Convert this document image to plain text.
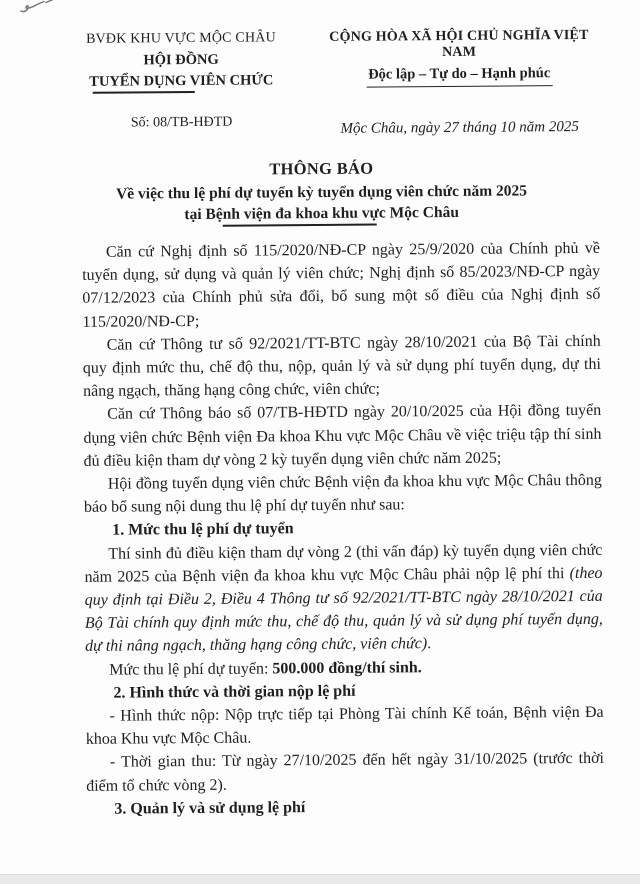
BVĐK KHU VỰC MỘC CHÂU
HỘI ĐỒNG
TUYỂN DỤNG VIÊN CHỨC
Số: 08/TB-HĐTD
CỘNG HÒA XÃ HỘI CHỦ NGHĨA VIỆT NAM
Độc lập – Tự do – Hạnh phúc
Mộc Châu, ngày 27 tháng 10 năm 2025
THÔNG BÁO
Về việc thu lệ phí dự tuyển kỳ tuyển dụng viên chức năm 2025
tại Bệnh viện đa khoa khu vực Mộc Châu

Căn cứ Nghị định số 115/2020/NĐ-CP ngày 25/9/2020 của Chính phủ về tuyển dụng, sử dụng và quản lý viên chức; Nghị định số 85/2023/NĐ-CP ngày 07/12/2023 của Chính phủ sửa đổi, bổ sung một số điều của Nghị định số 115/2020/NĐ-CP;

Căn cứ Thông tư số 92/2021/TT-BTC ngày 28/10/2021 của Bộ Tài chính quy định mức thu, chế độ thu, nộp, quản lý và sử dụng phí tuyển dụng, dự thi nâng ngạch, thăng hạng công chức, viên chức;

Căn cứ Thông báo số 07/TB-HĐTD ngày 20/10/2025 của Hội đồng tuyển dụng viên chức Bệnh viện Đa khoa Khu vực Mộc Châu về việc triệu tập thí sinh đủ điều kiện tham dự vòng 2 kỳ tuyển dụng viên chức năm 2025;

Hội đồng tuyển dụng viên chức Bệnh viện đa khoa khu vực Mộc Châu thông báo bổ sung nội dung thu lệ phí dự tuyển như sau:

1. Mức thu lệ phí dự tuyển

Thí sinh đủ điều kiện tham dự vòng 2 (thi vấn đáp) kỳ tuyển dụng viên chức năm 2025 của Bệnh viện đa khoa khu vực Mộc Châu phải nộp lệ phí thi (theo quy định tại Điều 2, Điều 4 Thông tư số 92/2021/TT-BTC ngày 28/10/2021 của Bộ Tài chính quy định mức thu, chế độ thu, quản lý và sử dụng phí tuyển dụng, dự thi nâng ngạch, thăng hạng công chức, viên chức).

Mức thu lệ phí dự tuyển: 500.000 đồng/thí sinh.

2. Hình thức và thời gian nộp lệ phí

- Hình thức nộp: Nộp trực tiếp tại Phòng Tài chính Kế toán, Bệnh viện Đa khoa Khu vực Mộc Châu.

- Thời gian thu: Từ ngày 27/10/2025 đến hết ngày 31/10/2025 (trước thời điểm tổ chức vòng 2).

3. Quản lý và sử dụng lệ phí
